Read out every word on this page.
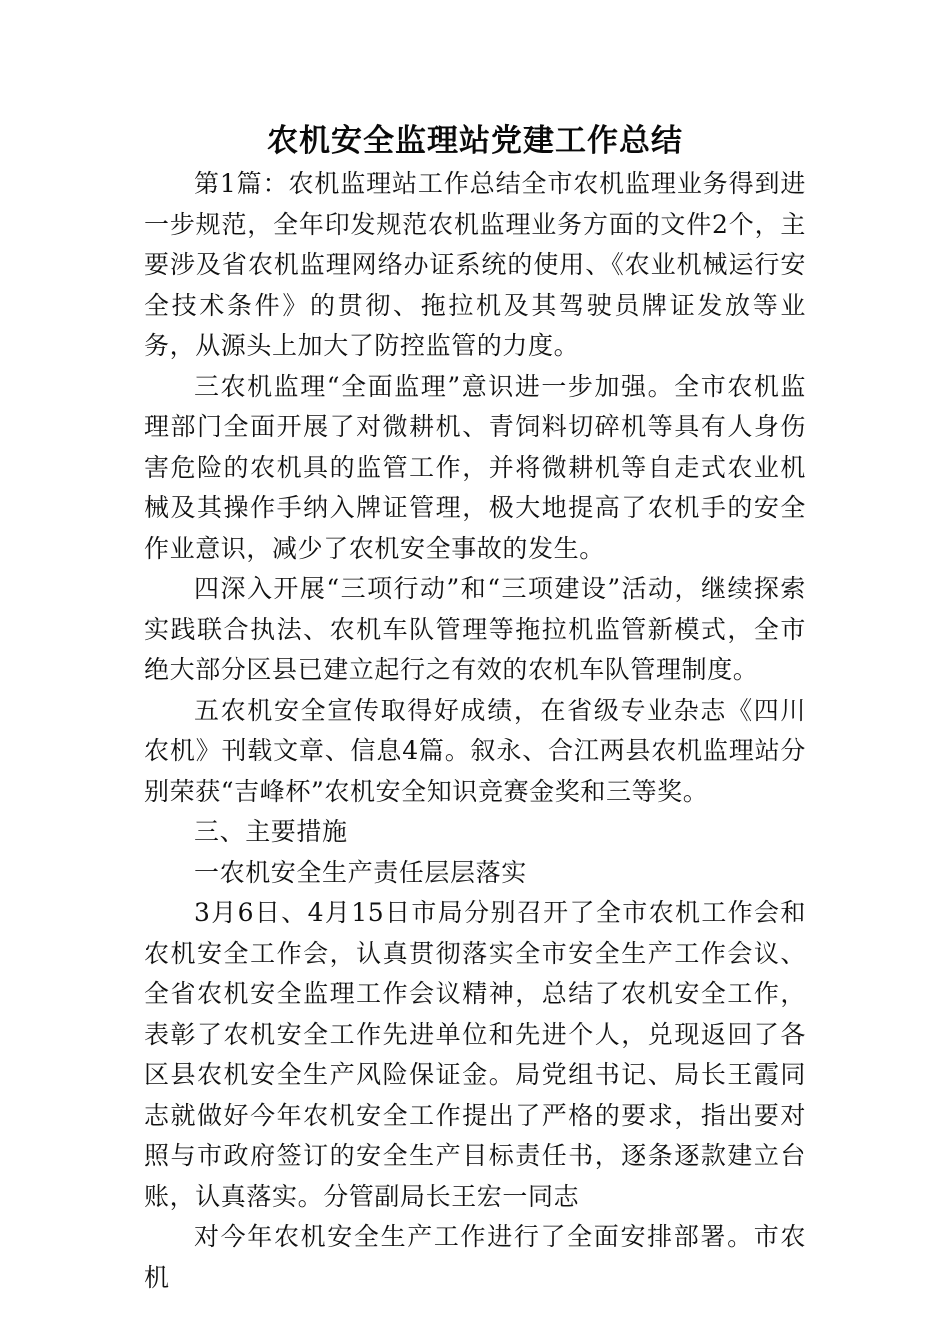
农机安全监理站党建工作总结

第1篇：农机监理站工作总结全市农机监理业务得到进一步规范，全年印发规范农机监理业务方面的文件2个，主要涉及省农机监理网络办证系统的使用、《农业机械运行安全技术条件》的贯彻、拖拉机及其驾驶员牌证发放等业务，从源头上加大了防控监管的力度。

三农机监理“全面监理”意识进一步加强。全市农机监理部门全面开展了对微耕机、青饲料切碎机等具有人身伤害危险的农机具的监管工作，并将微耕机等自走式农业机械及其操作手纳入牌证管理，极大地提高了农机手的安全作业意识，减少了农机安全事故的发生。

四深入开展“三项行动”和“三项建设”活动，继续探索实践联合执法、农机车队管理等拖拉机监管新模式，全市绝大部分区县已建立起行之有效的农机车队管理制度。

五农机安全宣传取得好成绩，在省级专业杂志《四川农机》刊载文章、信息4篇。叙永、合江两县农机监理站分别荣获“吉峰杯”农机安全知识竞赛金奖和三等奖。

三、主要措施

一农机安全生产责任层层落实

3月6日、4月15日市局分别召开了全市农机工作会和农机安全工作会，认真贯彻落实全市安全生产工作会议、全省农机安全监理工作会议精神，总结了农机安全工作，表彰了农机安全工作先进单位和先进个人，兑现返回了各区县农机安全生产风险保证金。局党组书记、局长王霞同志就做好今年农机安全工作提出了严格的要求，指出要对照与市政府签订的安全生产目标责任书，逐条逐款建立台账，认真落实。分管副局长王宏一同志

对今年农机安全生产工作进行了全面安排部署。市农机
